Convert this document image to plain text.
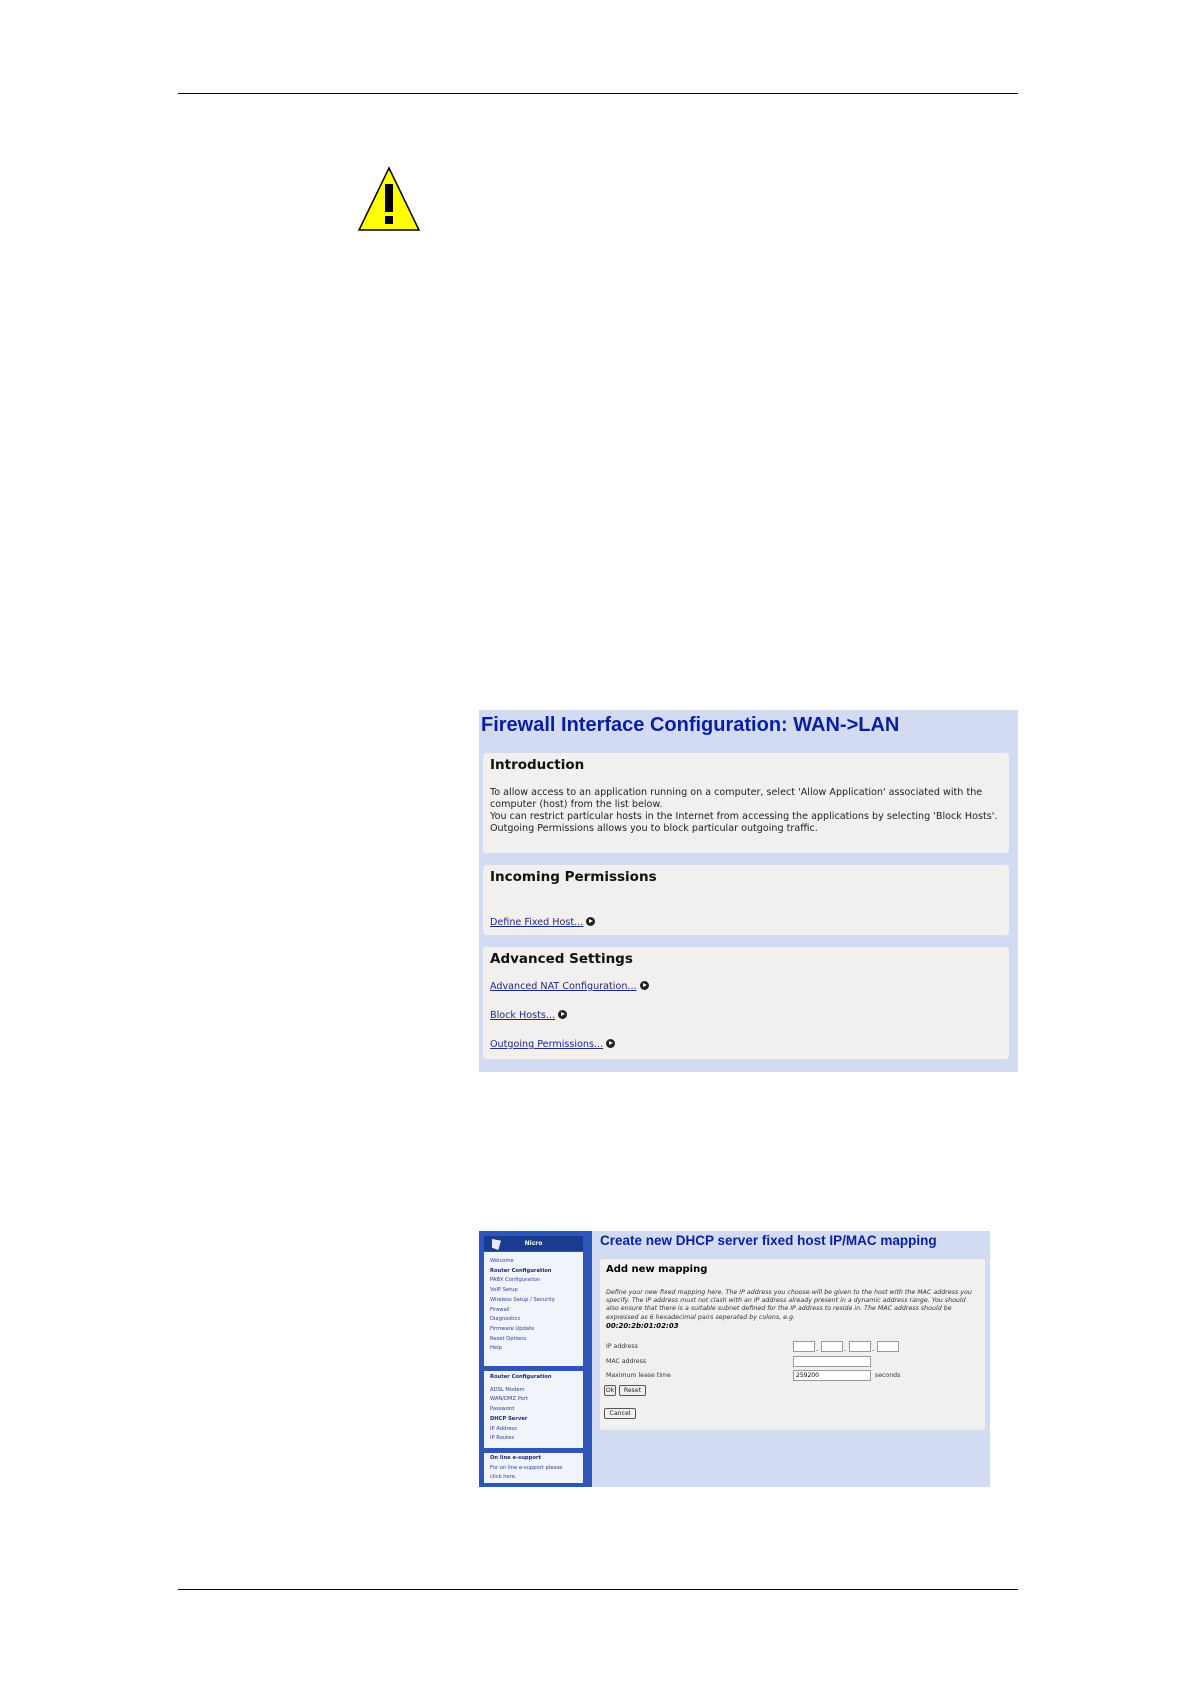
Firewall Interface Configuration: WAN->LAN
Introduction

To allow access to an application running on a computer, select 'Allow Application' associated with the computer (host) from the list below.

You can restrict particular hosts in the Internet from accessing the applications by selecting 'Block Hosts'.

Outgoing Permissions allows you to block particular outgoing traffic.

Incoming Permissions
Define Fixed Host...
Advanced Settings
Advanced NAT Configuration...
Block Hosts...
Outgoing Permissions...
Nicro
Welcome
Router Configuration
PABX Configuration
VoIP Setup
Wireless Setup / Security
Firewall
Diagnostics
Firmware Update
Reset Options
Help
Router Configuration
ADSL Modem
WAN/DMZ Port
Password
DHCP Server
IP Address
IP Routes
On line e-support
For on line e-support please
click here.
Create new DHCP server fixed host IP/MAC mapping
Add new mapping

Define your new fixed mapping here. The IP address you choose will be given to the host with the MAC address you specify. The IP address must not clash with an IP address already present in a dynamic address range. You should also ensure that there is a suitable subnet defined for the IP address to reside in. The MAC address should be expressed as 6 hexadecimal pairs seperated by colons, e.g.

00:20:2b:01:02:03
IP address	.	.	.
MAC address
Maximum lease time	259200	seconds
Ok	Reset
Cancel
